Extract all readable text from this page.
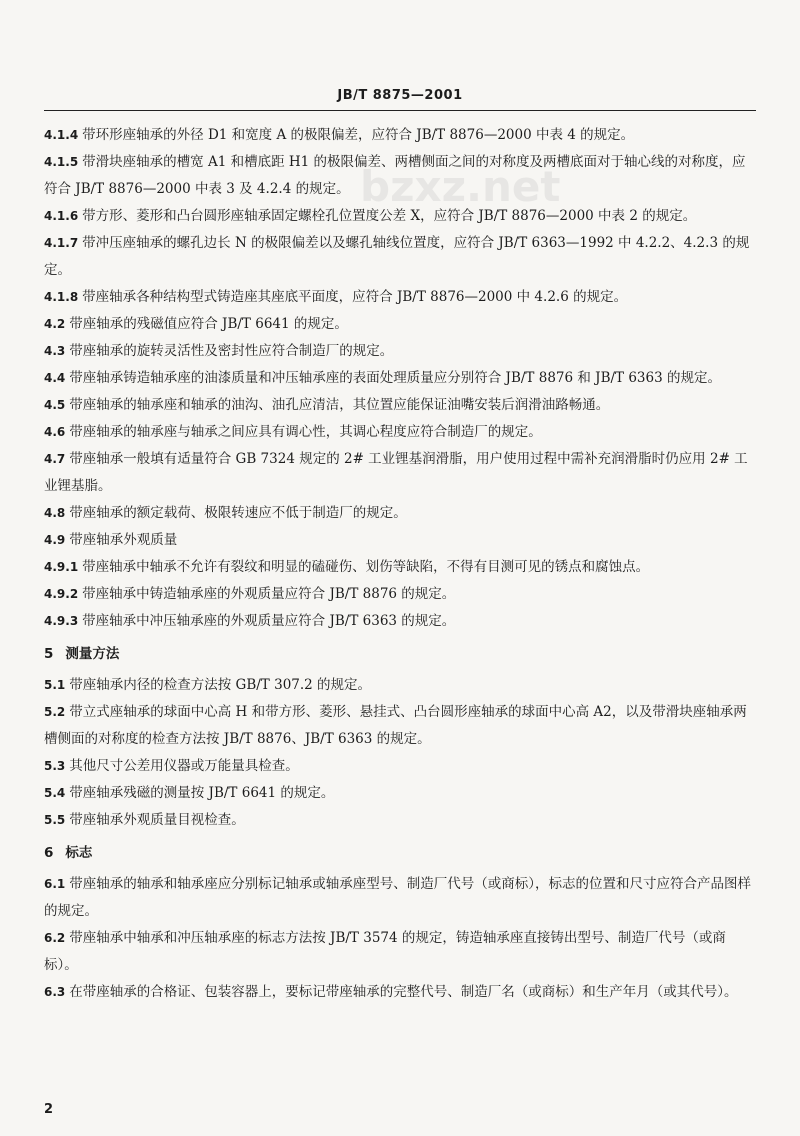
JB/T 8875—2001
bzxz.net

4.1.4 带环形座轴承的外径 D1 和宽度 A 的极限偏差，应符合 JB/T 8876—2000 中表 4 的规定。

4.1.5 带滑块座轴承的槽宽 A1 和槽底距 H1 的极限偏差、两槽侧面之间的对称度及两槽底面对于轴心线的对称度，应符合 JB/T 8876—2000 中表 3 及 4.2.4 的规定。

4.1.6 带方形、菱形和凸台圆形座轴承固定螺栓孔位置度公差 X，应符合 JB/T 8876—2000 中表 2 的规定。

4.1.7 带冲压座轴承的螺孔边长 N 的极限偏差以及螺孔轴线位置度，应符合 JB/T 6363—1992 中 4.2.2、4.2.3 的规定。

4.1.8 带座轴承各种结构型式铸造座其座底平面度，应符合 JB/T 8876—2000 中 4.2.6 的规定。

4.2 带座轴承的残磁值应符合 JB/T 6641 的规定。

4.3 带座轴承的旋转灵活性及密封性应符合制造厂的规定。

4.4 带座轴承铸造轴承座的油漆质量和冲压轴承座的表面处理质量应分别符合 JB/T 8876 和 JB/T 6363 的规定。

4.5 带座轴承的轴承座和轴承的油沟、油孔应清洁，其位置应能保证油嘴安装后润滑油路畅通。

4.6 带座轴承的轴承座与轴承之间应具有调心性，其调心程度应符合制造厂的规定。

4.7 带座轴承一般填有适量符合 GB 7324 规定的 2# 工业锂基润滑脂，用户使用过程中需补充润滑脂时仍应用 2# 工业锂基脂。

4.8 带座轴承的额定载荷、极限转速应不低于制造厂的规定。

4.9 带座轴承外观质量

4.9.1 带座轴承中轴承不允许有裂纹和明显的磕碰伤、划伤等缺陷，不得有目测可见的锈点和腐蚀点。

4.9.2 带座轴承中铸造轴承座的外观质量应符合 JB/T 8876 的规定。

4.9.3 带座轴承中冲压轴承座的外观质量应符合 JB/T 6363 的规定。

5 测量方法

5.1 带座轴承内径的检查方法按 GB/T 307.2 的规定。

5.2 带立式座轴承的球面中心高 H 和带方形、菱形、悬挂式、凸台圆形座轴承的球面中心高 A2，以及带滑块座轴承两槽侧面的对称度的检查方法按 JB/T 8876、JB/T 6363 的规定。

5.3 其他尺寸公差用仪器或万能量具检查。

5.4 带座轴承残磁的测量按 JB/T 6641 的规定。

5.5 带座轴承外观质量目视检查。

6 标志

6.1 带座轴承的轴承和轴承座应分别标记轴承或轴承座型号、制造厂代号（或商标），标志的位置和尺寸应符合产品图样的规定。

6.2 带座轴承中轴承和冲压轴承座的标志方法按 JB/T 3574 的规定，铸造轴承座直接铸出型号、制造厂代号（或商标）。

6.3 在带座轴承的合格证、包装容器上，要标记带座轴承的完整代号、制造厂名（或商标）和生产年月（或其代号）。

2
